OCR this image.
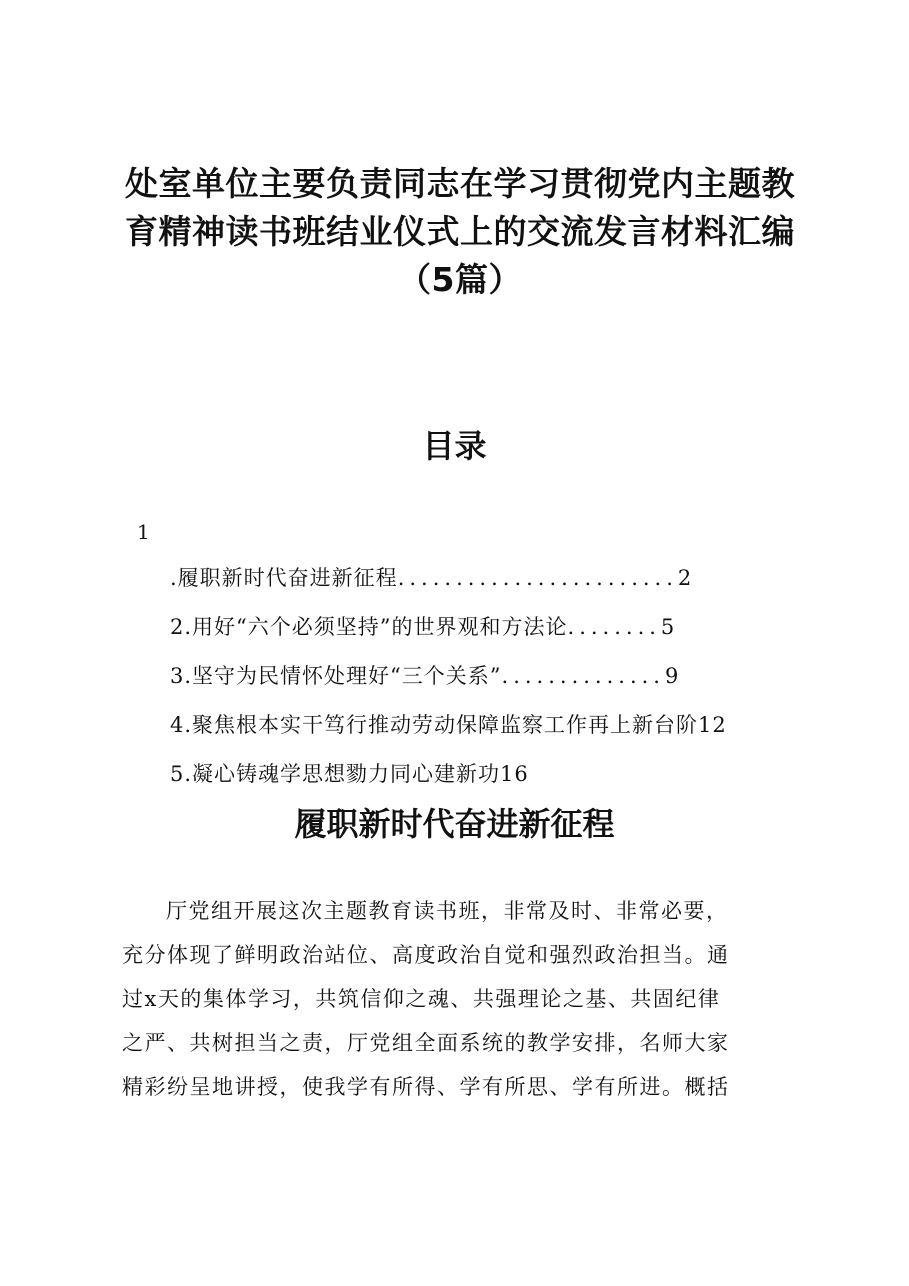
处室单位主要负责同志在学习贯彻党内主题教
育精神读书班结业仪式上的交流发言材料汇编
（5篇）
目录
1
.履职新时代奋进新征程 ........................ 2
2.用好“六个必须坚持”的世界观和方法论 ........ 5
3.坚守为民情怀处理好“三个关系” .............. 9
4.聚焦根本实干笃行推动劳动保障监察工作再上新台阶 12
5.凝心铸魂学思想勠力同心建新功 16
履职新时代奋进新征程
厅党组开展这次主题教育读书班，非常及时、非常必要，
充分体现了鲜明政治站位、高度政治自觉和强烈政治担当。通
过x天的集体学习，共筑信仰之魂、共强理论之基、共固纪律
之严、共树担当之责，厅党组全面系统的教学安排，名师大家
精彩纷呈地讲授，使我学有所得、学有所思、学有所进。概括
